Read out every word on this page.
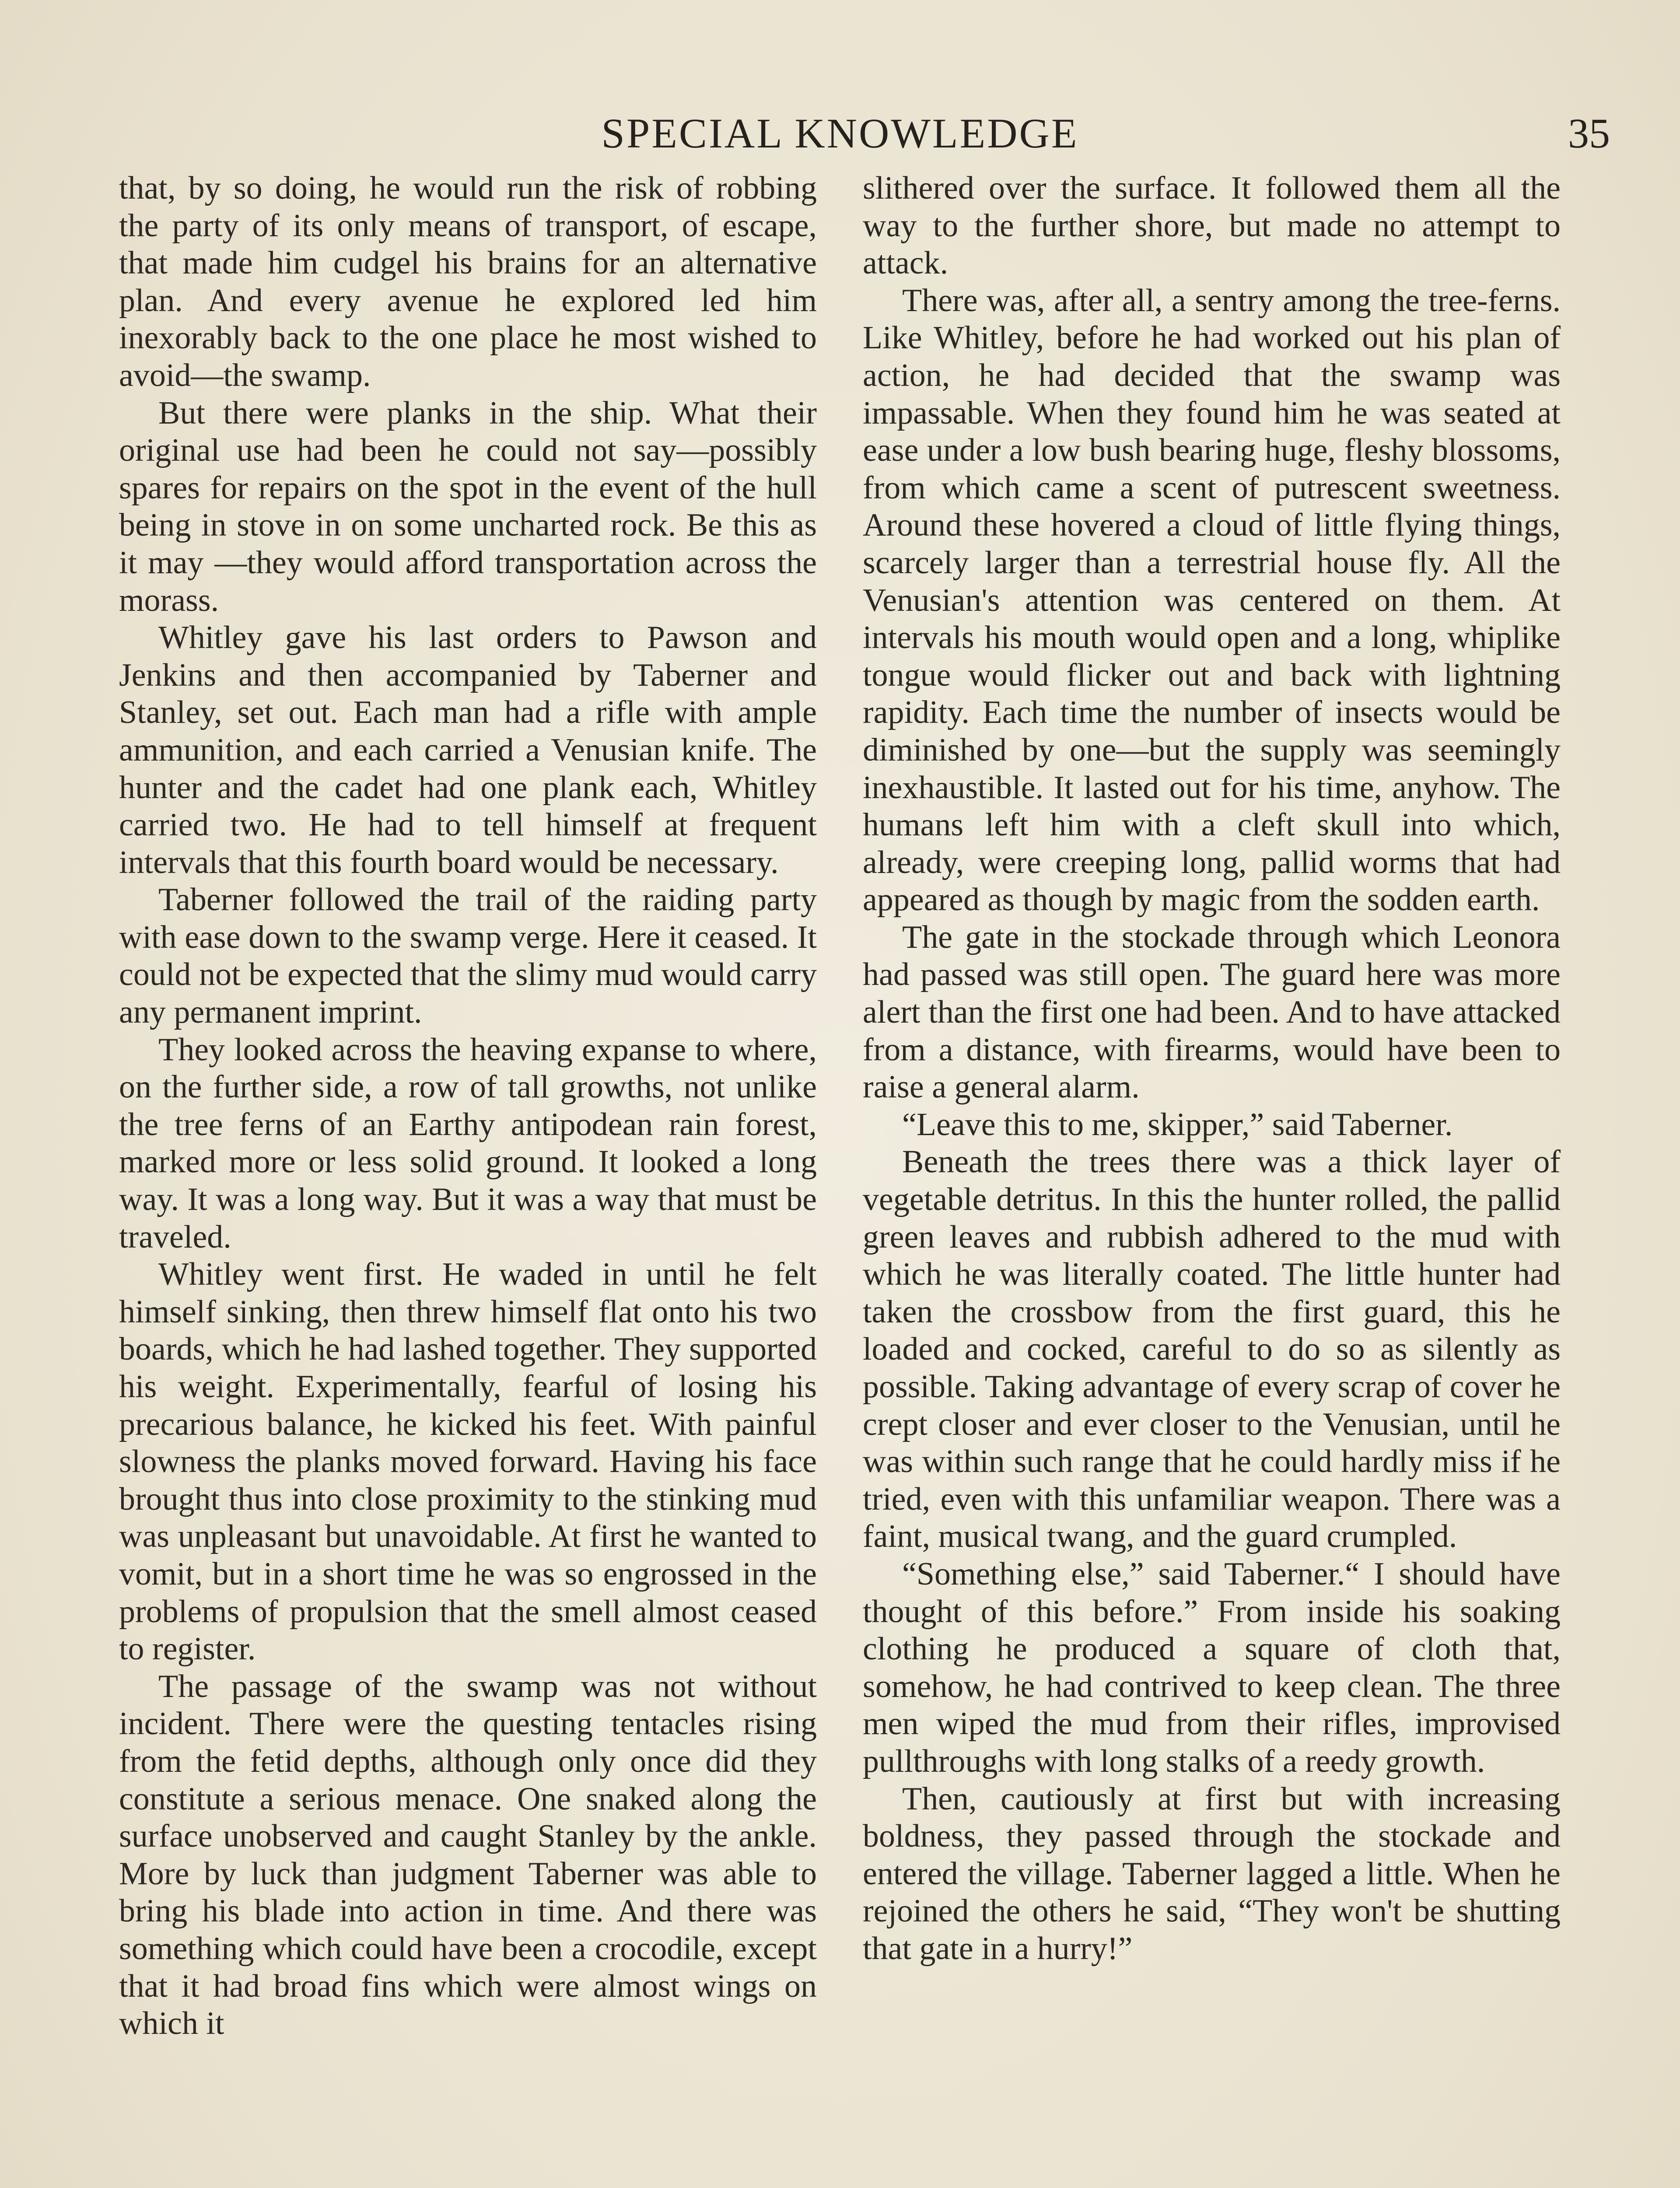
SPECIAL KNOWLEDGE	35

that, by so doing, he would run the risk of robbing the party of its only means of transport, of escape, that made him cudgel his brains for an alternative plan. And every avenue he explored led him inexorably back to the one place he most wished to avoid—the swamp.

But there were planks in the ship. What their original use had been he could not say—possibly spares for repairs on the spot in the event of the hull being in stove in on some uncharted rock. Be this as it may —they would afford transportation across the morass.

Whitley gave his last orders to Pawson and Jenkins and then accompanied by Taberner and Stanley, set out. Each man had a rifle with ample ammunition, and each carried a Venusian knife. The hunter and the cadet had one plank each, Whitley carried two. He had to tell himself at frequent intervals that this fourth board would be necessary.

Taberner followed the trail of the raiding party with ease down to the swamp verge. Here it ceased. It could not be expected that the slimy mud would carry any permanent imprint.

They looked across the heaving expanse to where, on the further side, a row of tall growths, not unlike the tree ferns of an Earthy antipodean rain forest, marked more or less solid ground. It looked a long way. It was a long way. But it was a way that must be traveled.

Whitley went first. He waded in until he felt himself sinking, then threw himself flat onto his two boards, which he had lashed together. They supported his weight. Experimentally, fearful of losing his precarious balance, he kicked his feet. With painful slowness the planks moved forward. Having his face brought thus into close proximity to the stinking mud was unpleasant but unavoidable. At first he wanted to vomit, but in a short time he was so engrossed in the problems of propulsion that the smell almost ceased to register.

The passage of the swamp was not without incident. There were the questing tentacles rising from the fetid depths, although only once did they constitute a serious menace. One snaked along the surface unobserved and caught Stanley by the ankle. More by luck than judgment Taberner was able to bring his blade into action in time. And there was something which could have been a crocodile, except that it had broad fins which were almost wings on which it

slithered over the surface. It followed them all the way to the further shore, but made no attempt to attack.

There was, after all, a sentry among the tree-ferns. Like Whitley, before he had worked out his plan of action, he had decided that the swamp was impassable. When they found him he was seated at ease under a low bush bearing huge, fleshy blossoms, from which came a scent of putrescent sweetness. Around these hovered a cloud of little flying things, scarcely larger than a terrestrial house fly. All the Venusian's attention was centered on them. At intervals his mouth would open and a long, whiplike tongue would flicker out and back with lightning rapidity. Each time the number of insects would be diminished by one—but the supply was seemingly inexhaustible. It lasted out for his time, anyhow. The humans left him with a cleft skull into which, already, were creeping long, pallid worms that had appeared as though by magic from the sodden earth.

The gate in the stockade through which Leonora had passed was still open. The guard here was more alert than the first one had been. And to have attacked from a distance, with firearms, would have been to raise a general alarm.

“Leave this to me, skipper,” said Taberner.

Beneath the trees there was a thick layer of vegetable detritus. In this the hunter rolled, the pallid green leaves and rubbish adhered to the mud with which he was literally coated. The little hunter had taken the crossbow from the first guard, this he loaded and cocked, careful to do so as silently as possible. Taking advantage of every scrap of cover he crept closer and ever closer to the Venusian, until he was within such range that he could hardly miss if he tried, even with this unfamiliar weapon. There was a faint, musical twang, and the guard crumpled.

“Something else,” said Taberner.“ I should have thought of this before.” From inside his soaking clothing he produced a square of cloth that, somehow, he had contrived to keep clean. The three men wiped the mud from their rifles, improvised pullthroughs with long stalks of a reedy growth.

Then, cautiously at first but with increasing boldness, they passed through the stockade and entered the village. Taberner lagged a little. When he rejoined the others he said, “They won't be shutting that gate in a hurry!”
